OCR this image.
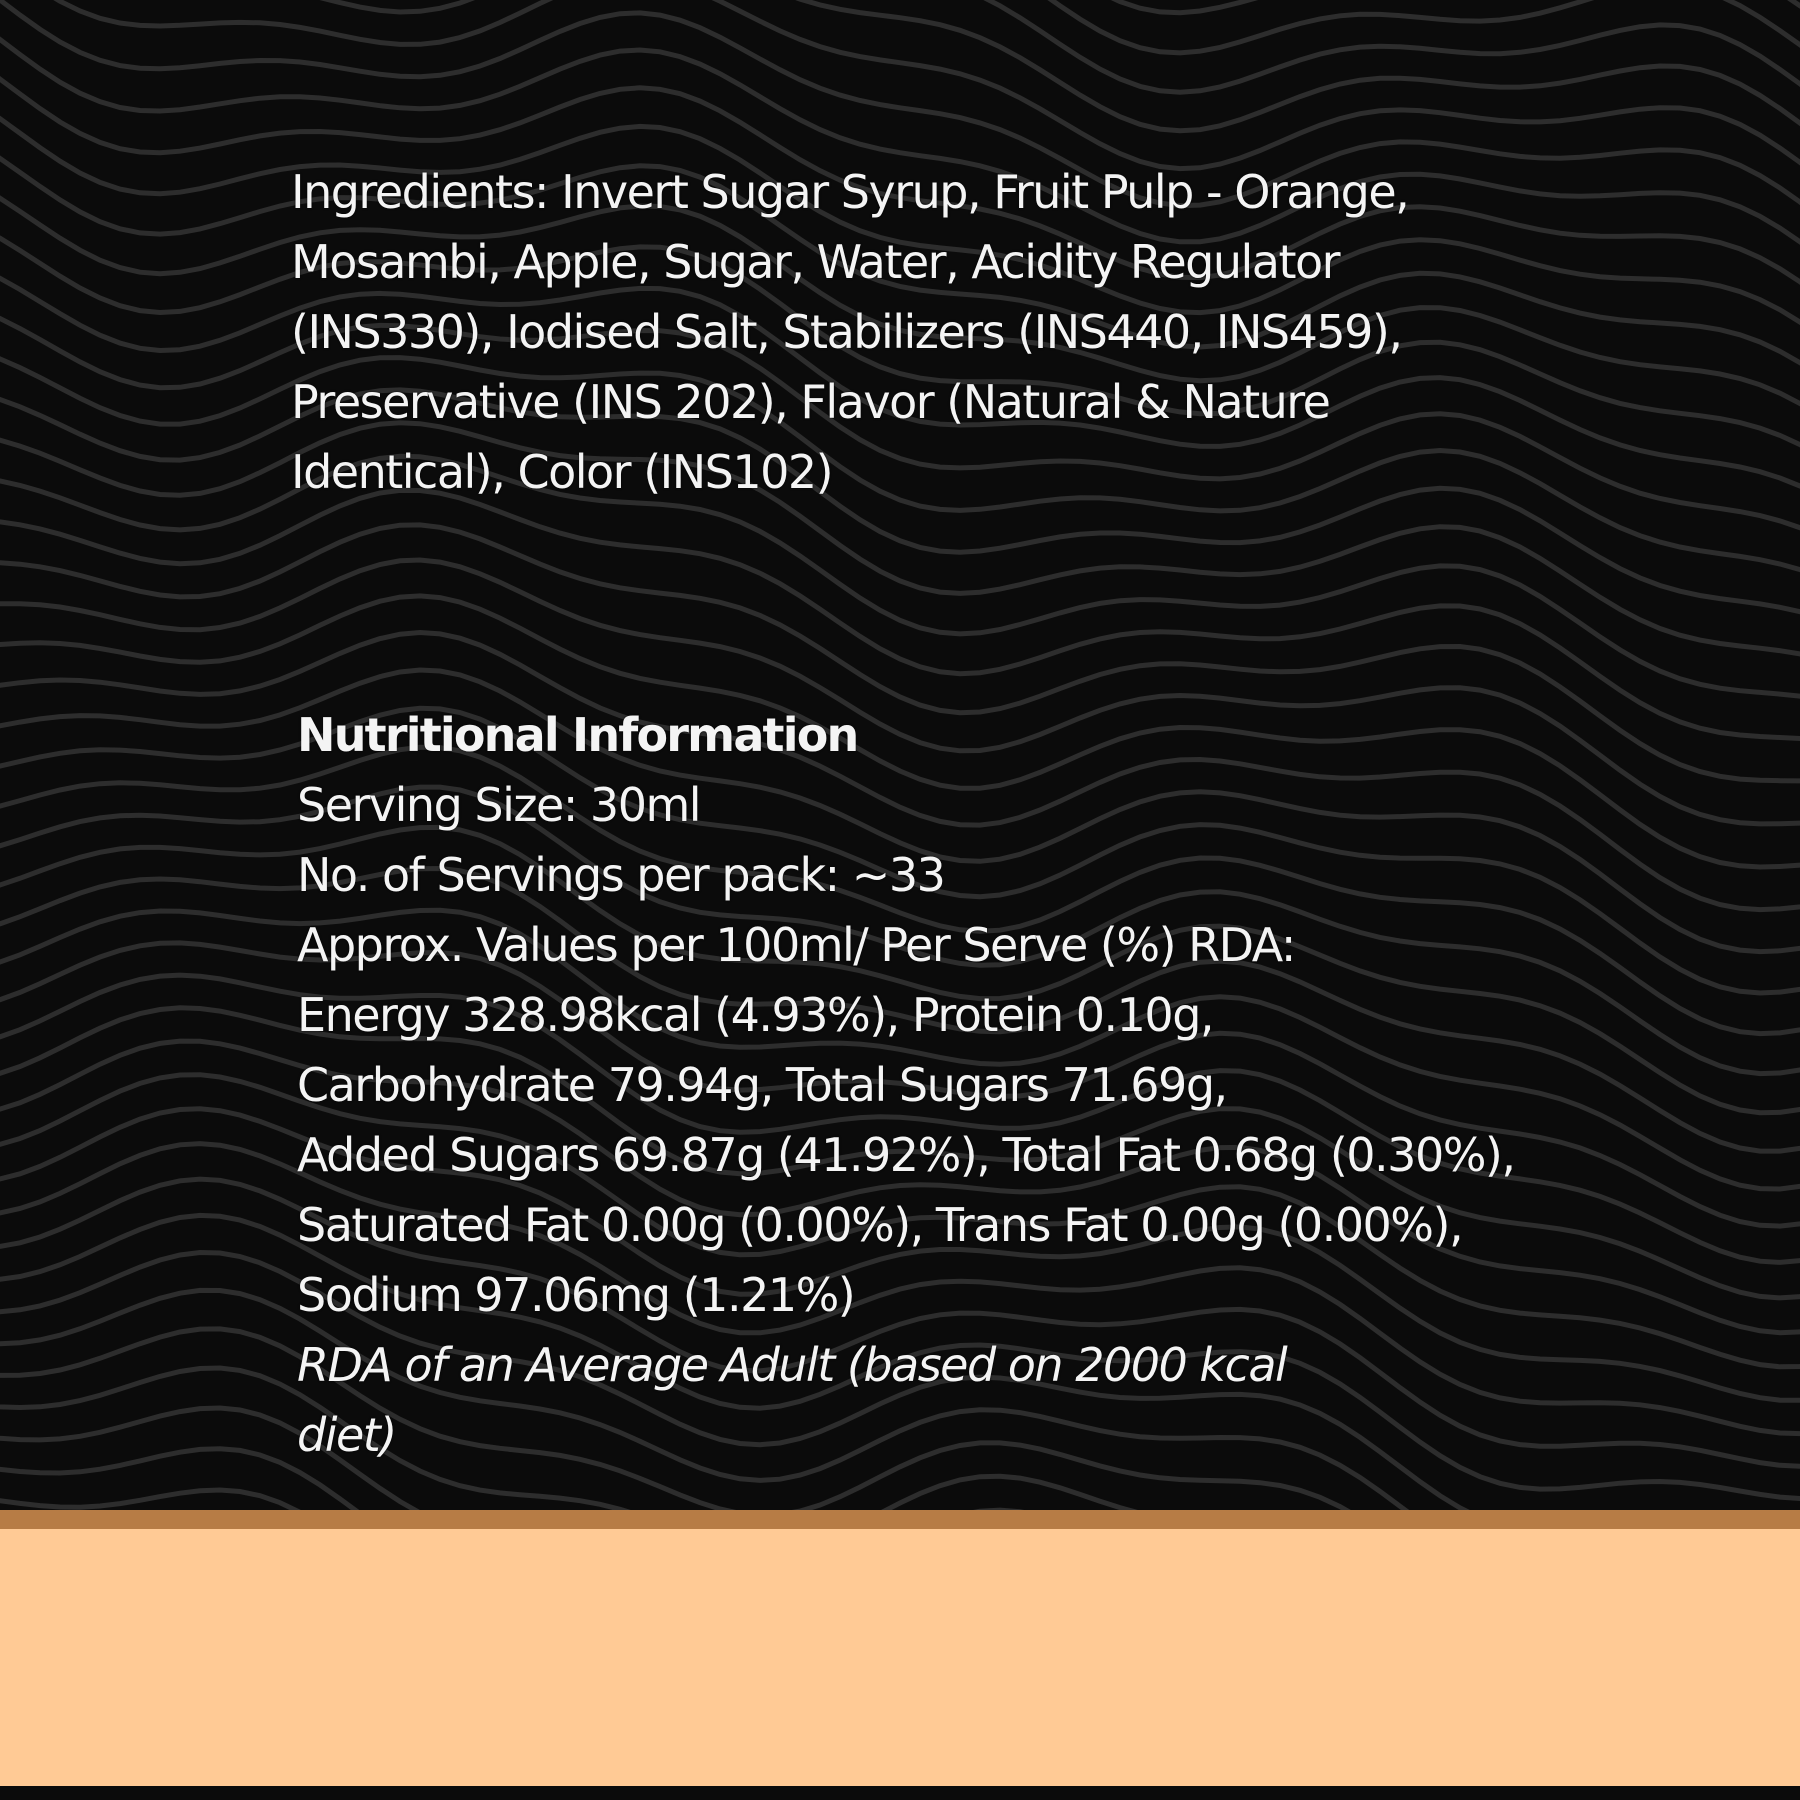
Ingredients: Invert Sugar Syrup, Fruit Pulp - Orange,
Mosambi, Apple, Sugar, Water, Acidity Regulator
(INS330), Iodised Salt, Stabilizers (INS440, INS459),
Preservative (INS 202), Flavor (Natural & Nature
Identical), Color (INS102)
Nutritional Information
Serving Size: 30ml
No. of Servings per pack: ~33
Approx. Values per 100ml/ Per Serve (%) RDA:
Energy 328.98kcal (4.93%), Protein 0.10g,
Carbohydrate 79.94g, Total Sugars 71.69g,
Added Sugars 69.87g (41.92%), Total Fat 0.68g (0.30%),
Saturated Fat 0.00g (0.00%), Trans Fat 0.00g (0.00%),
Sodium 97.06mg (1.21%)
RDA of an Average Adult (based on 2000 kcal
diet)
